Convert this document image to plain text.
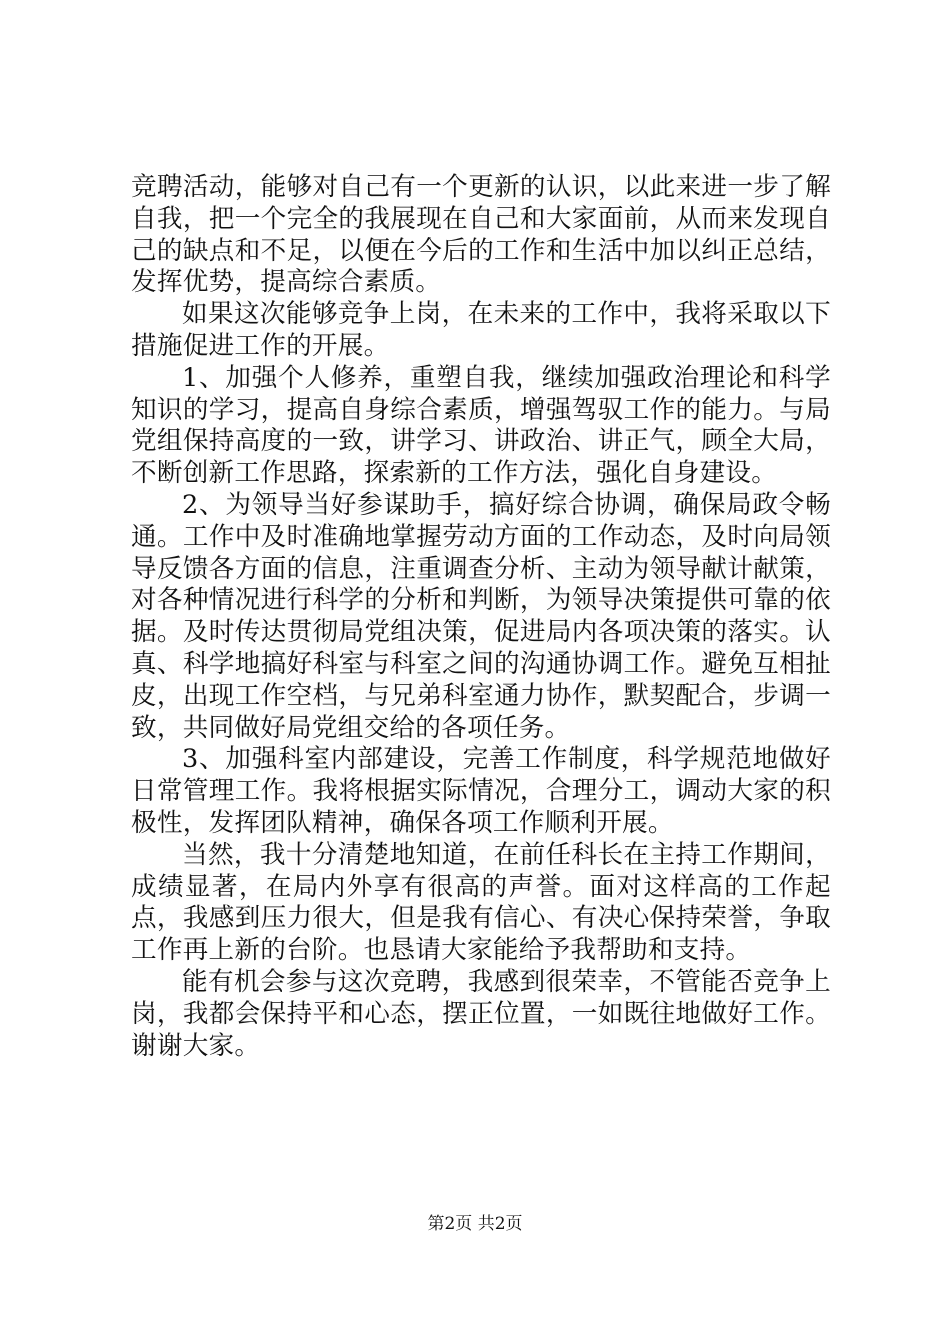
竞聘活动，能够对自己有一个更新的认识，以此来进一步了解自我，把一个完全的我展现在自己和大家面前，从而来发现自己的缺点和不足，以便在今后的工作和生活中加以纠正总结，发挥优势，提高综合素质。

如果这次能够竞争上岗，在未来的工作中，我将采取以下措施促进工作的开展。

1、加强个人修养，重塑自我，继续加强政治理论和科学知识的学习，提高自身综合素质，增强驾驭工作的能力。与局党组保持高度的一致，讲学习、讲政治、讲正气，顾全大局，不断创新工作思路，探索新的工作方法，强化自身建设。

2、为领导当好参谋助手，搞好综合协调，确保局政令畅通。工作中及时准确地掌握劳动方面的工作动态，及时向局领导反馈各方面的信息，注重调查分析、主动为领导献计献策，对各种情况进行科学的分析和判断，为领导决策提供可靠的依据。及时传达贯彻局党组决策，促进局内各项决策的落实。认真、科学地搞好科室与科室之间的沟通协调工作。避免互相扯皮，出现工作空档，与兄弟科室通力协作，默契配合，步调一致，共同做好局党组交给的各项任务。

3、加强科室内部建设，完善工作制度，科学规范地做好日常管理工作。我将根据实际情况，合理分工，调动大家的积极性，发挥团队精神，确保各项工作顺利开展。

当然，我十分清楚地知道，在前任科长在主持工作期间，成绩显著，在局内外享有很高的声誉。面对这样高的工作起点，我感到压力很大，但是我有信心、有决心保持荣誉，争取工作再上新的台阶。也恳请大家能给予我帮助和支持。

能有机会参与这次竞聘，我感到很荣幸，不管能否竞争上岗，我都会保持平和心态，摆正位置，一如既往地做好工作。谢谢大家。

第2页 共2页
